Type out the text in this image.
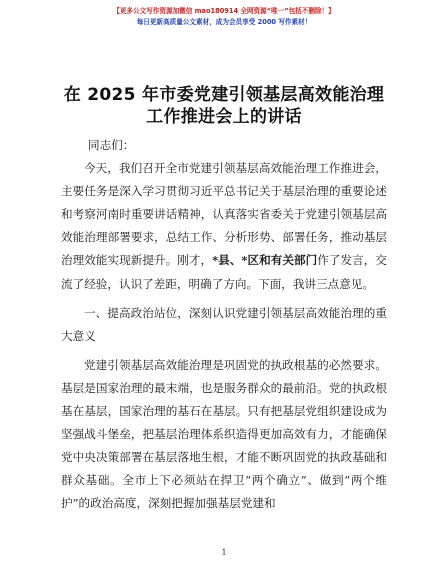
【更多公文写作资源加微信 mao180914 全网资源“唯一”包括不删除！】
每日更新高质量公文素材，成为会员享受 2000 写作素材！
在 2025 年市委党建引领基层高效能治理工作推进会上的讲话

同志们：

今天，我们召开全市党建引领基层高效能治理工作推进会，主要任务是深入学习贯彻习近平总书记关于基层治理的重要论述和考察河南时重要讲话精神，认真落实省委关于党建引领基层高效能治理部署要求，总结工作、分析形势、部署任务，推动基层治理效能实现新提升。刚才，*县、*区和有关部门作了发言，交流了经验，认识了差距，明确了方向。下面，我讲三点意见。

一、提高政治站位，深刻认识党建引领基层高效能治理的重大意义

党建引领基层高效能治理是巩固党的执政根基的必然要求。基层是国家治理的最末端，也是服务群众的最前沿。党的执政根基在基层，国家治理的基石在基层。只有把基层党组织建设成为坚强战斗堡垒，把基层治理体系织造得更加高效有力，才能确保党中央决策部署在基层落地生根，才能不断巩固党的执政基础和群众基础。全市上下必须站在捍卫“两个确立”、做到“两个维护”的政治高度，深刻把握加强基层党建和

1
